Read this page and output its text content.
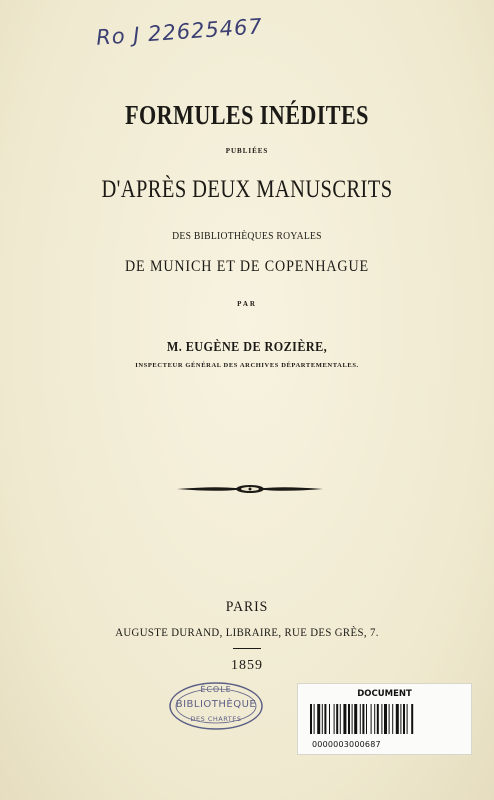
Ro J 22625467
FORMULES INÉDITES
PUBLIÉES
D'APRÈS DEUX MANUSCRITS
DES BIBLIOTHÈQUES ROYALES
DE MUNICH ET DE COPENHAGUE
PAR
M. EUGÈNE DE ROZIÈRE,
INSPECTEUR GÉNÉRAL DES ARCHIVES DÉPARTEMENTALES.
PARIS
AUGUSTE DURAND, LIBRAIRE, RUE DES GRÈS, 7.
1859
ÉCOLE
BIBLIOTHÈQUE
DES CHARTES
DOCUMENT
0000003000687
